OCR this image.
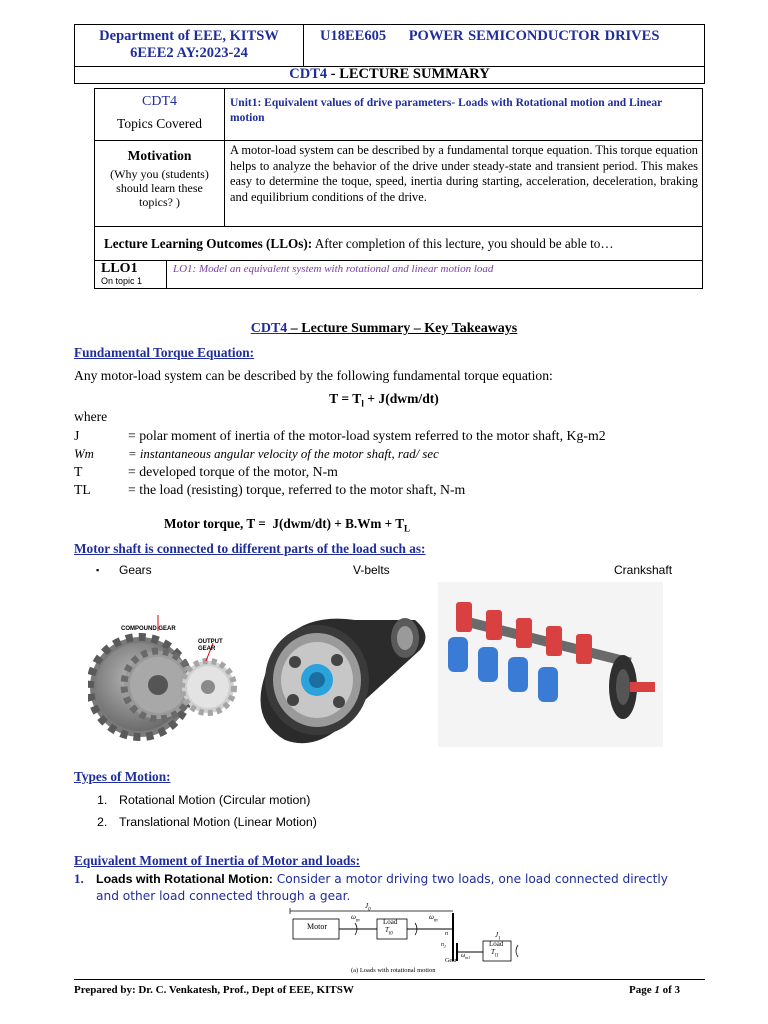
Department of EEE, KITSW
6EEE2 AY:2023-24
U18EE605 POWER SEMICONDUCTOR DRIVES
CDT4 - LECTURE SUMMARY
CDT4
Topics Covered
Unit1: Equivalent values of drive parameters- Loads with Rotational motion and Linear motion
Motivation
(Why you (students) should learn these topics? )
A motor-load system can be described by a fundamental torque equation. This torque equation helps to analyze the behavior of the drive under steady-state and transient period. This makes easy to determine the toque, speed, inertia during starting, acceleration, deceleration, braking and equilibrium conditions of the drive.
Lecture Learning Outcomes (LLOs): After completion of this lecture, you should be able to…
LLO1
On topic 1
LO1: Model an equivalent system with rotational and linear motion load
CDT4 – Lecture Summary – Key Takeaways
Fundamental Torque Equation:
Any motor-load system can be described by the following fundamental torque equation:
$T = T_l + J(dwm/dt)$
where
J	= polar moment of inertia of the motor-load system referred to the motor shaft, Kg-m2
Wm	= instantaneous angular velocity of the motor shaft, rad/ sec
T	= developed torque of the motor, N-m
TL	= the load (resisting) torque, referred to the motor shaft, N-m
Motor torque, $T = J(dwm/dt) + B.Wm + T_L$
Motor shaft is connected to different parts of the load such as:
▪ Gears	V-belts	Crankshaft
COMPOUND GEAR
OUTPUT GEAR
Types of Motion:
1. Rotational Motion (Circular motion)
2. Translational Motion (Linear Motion)
Equivalent Moment of Inertia of Motor and loads:
1. Loads with Rotational Motion: Consider a motor driving two loads, one load connected directly
and other load connected through a gear.
Motor	Load
$T_{l0}$
Load
$T_{l1}$
$J_0$
$J_1$
$\omega_m$	$\omega_m$
n
$n_1$
$\omega_{m1}$
Gear
(a) Loads with rotational motion
Prepared by: Dr. C. Venkatesh, Prof., Dept of EEE, KITSW	Page 1 of 3
